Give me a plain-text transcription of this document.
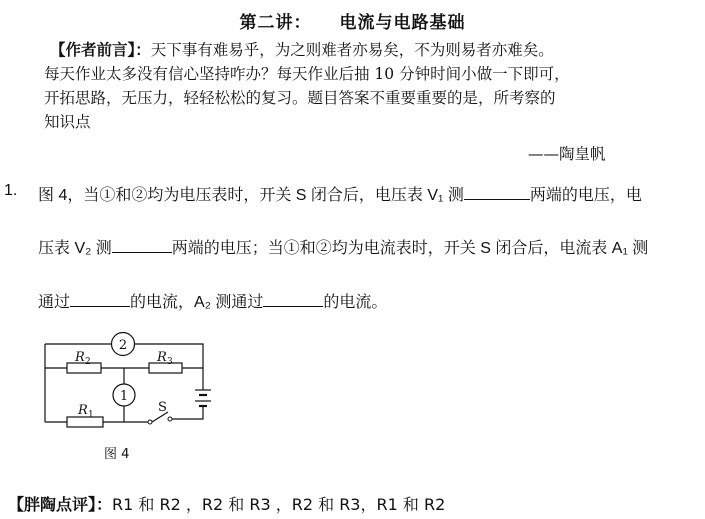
第二讲： 电流与电路基础

【作者前言】：天下事有难易乎，为之则难者亦易矣，不为则易者亦难矣。

每天作业太多没有信心坚持咋办？每天作业后抽 10 分钟时间小做一下即可，

开拓思路，无压力，轻轻松松的复习。题目答案不重要重要的是，所考察的

知识点

——陶皇帆
1. 图 4，当①和②均为电压表时，开关 S 闭合后，电压表 V₁ 测	两端的电压，电
压表 V₂ 测	两端的电压；当①和②均为电流表时，开关 S 闭合后，电流表 A₁ 测
通过	的电流，A₂ 测通过	的电流。
2
1
R 2	R 3
R 1	S
图 4
【胖陶点评】：R1 和 R2 ，R2 和 R3 ，R2 和 R3，R1 和 R2
